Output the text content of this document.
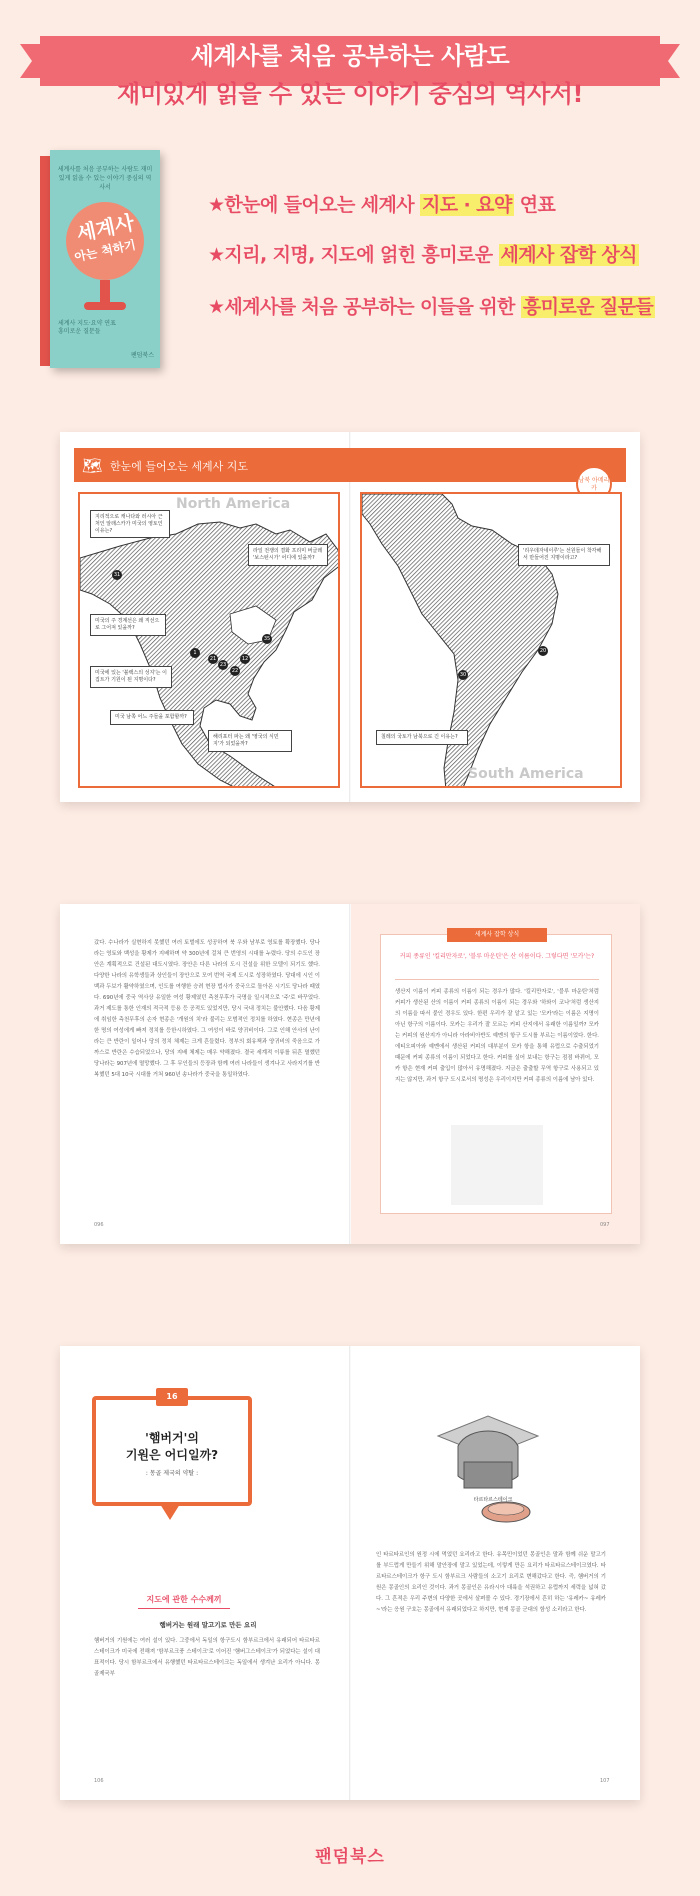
세계사를 처음 공부하는 사람도
재미있게 읽을 수 있는 이야기 중심의 역사서!
세계사를 처음 공부하는 사람도 재미있게 읽을 수 있는 이야기 중심의 역사서
세계사
아는 척하기
세계사 지도·요약 연표 흥미로운 질문들
팬덤북스
★한눈에 들어오는 세계사 지도 · 요약 연표
★지리, 지명, 지도에 얽힌 흥미로운 세계사 잡학 상식
★세계사를 처음 공부하는 이들을 위한 흥미로운 질문들
🗺 한눈에 들어오는 세계사 지도
남북 아메리카
North America
지리적으로 캐나다와 러시아 근처인 알래스카가 미국의 영토인 이유는?
라일 전쟁의 결화 프리미 버글레 '보스턴시가' 어디에 있을까?
미국의 주 경계선은 왜 직선으로 그어져 있을까?
미국에 있는 '블랙스의 성지'는 이집트가 기원이 된 지명이다?
미국 남쪽 어느 주들을 포함할까?
해리포터 파는 왜 '영국의 식민지'가 되었을까?
31
21
1
12
22
23
35
'리우데자네이루'는 선원들이 착각해서 만들어진 지명이라고?
칠레의 국토가 남북으로 긴 이유는?
20
30
South America
갔다. 수나라가 실현하지 못했던 여러 토벌에도 성공하여 북 우와 남부로 영토를 확장했다. 당나라는 영토와 백성을 황제가 지배하며 약 300년에 걸쳐 큰 번영의 시대를 누렸다. 당의 수도인 장안은 계획적으로 건설된 대도시였다. 장안은 다른 나라의 도시 건설을 위한 모델이 되기도 했다. 다양한 나라의 유학생들과 상인들이 장안으로 모여 번역 국제 도시로 성장하였다. 당대에 시인 이백과 두보가 활약하였으며, 인도를 여행한 승려 현장 법사가 중국으로 돌아온 시기도 당나라 때였다. 690년에 중국 역사상 유일한 여성 황제였던 측천무후가 국명을 일시적으로 '주'로 바꾸었다. 과거 제도를 통한 인재의 적극적 등용 등 공적도 있었지만, 당시 국내 정치는 불안했다. 다음 황제에 취임한 측천무후의 손자 현종은 '개원의 치'라 불리는 모범적인 정치를 하였다. 현종은 만년에 한 명의 여성에게 빠져 정치를 등한시하였다. 그 여성이 바로 양귀비이다. 그로 인해 안사의 난이라는 큰 반란이 일어나 당의 정치 체제는 크게 흔들렸다. 정부의 회유책과 양귀비의 죽음으로 가까스로 반란은 수습되었으나, 당의 지배 체제는 매우 약해졌다. 결국 세계적 이류를 뒤흔 멸했던 당나라는 907년에 멸망했다. 그 후 무인들의 등장과 함께 여러 나라들이 생겨나고 사라지기를 반복했던 5대 10국 시대를 거쳐 960년 송나라가 중국을 통일하였다.
096
세계사 잡학 상식
커피 종류인 '킬리만자로', '블루 마운틴'은 산 이름이다. 그렇다면 '모카'는?
생산지 이름이 커피 종류의 이름이 되는 경우가 많다. '킬리만자로', '블루 마운틴'처럼 커피가 생산된 산의 이름이 커피 종류의 이름이 되는 경우와 '하와이 코나'처럼 생산지의 이름을 따서 붙인 경우도 있다. 한편 우리가 잘 알고 있는 '모카'라는 이름은 지명이 아닌 항구의 이름이다. 모카는 우리가 잘 모르는 커피 산지에서 유래한 이름일까? 모카는 커피의 원산지가 아니라 아라비아반도 예멘의 항구 도시를 부르는 이름이었다. 한다. 에티오피아와 예멘에서 생산된 커피의 대부분이 모카 항을 통해 유럽으로 수출되었기 때문에 커피 종류의 이름이 되었다고 한다. 커피를 실어 보내는 항구는 점점 바뀌어, 모카 항은 현재 커피 출입이 많아서 유명해졌다. 지금은 출출할 무역 항구로 사용되고 있지는 않지만, 과거 항구 도시로서의 명성은 우리이지만 커피 종류의 이름에 남아 있다.
097
16
'햄버거'의
기원은 어디일까?
: 몽골 제국의 약탈 :
지도에 관한 수수께끼
햄버거는 원래 말고기로 만든 요리
햄버거의 기원에는 여러 설이 있다. 그중에서 독일의 항구도시 함부르크에서 유래되어 타르타르스테이크가 미국에 전해져 '함부르크풍 스테이크'로 이어진 '햄버그스테이크'가 되었다는 설이 대표적이다. 당시 함부르크에서 유행했던 타르타르스테이크는 독일에서 생겨난 요리가 아니다. 몽골제국부
106
타르타르스테이크
인 타르타르인의 원정 시에 먹었던 요리라고 한다. 유목민이었던 몽골인은 말과 함께 쉬운 말고기를 부드럽게 만들기 위해 말안장에 말고 있었는데, 이렇게 만든 요리가 타르타르스테이크였다. 타르타르스테이크가 항구 도시 함부르크 사람들의 소고기 요리로 변해갔다고 한다. 즉, 햄버거의 기원은 몽골인의 요리인 것이다. 과거 몽골인은 유라시아 대륙을 석권하고 유럽까지 세력을 넓혀 갔다. 그 흔적은 우리 주변의 다양한 곳에서 살펴볼 수 있다. 경기장에서 흔히 하는 '유레카~ 유레카~'라는 응원 구호는 몽골에서 유래되었다고 하지만, 현재 몽골 군대의 함성 소리라고 한다.
107
팬덤북스
